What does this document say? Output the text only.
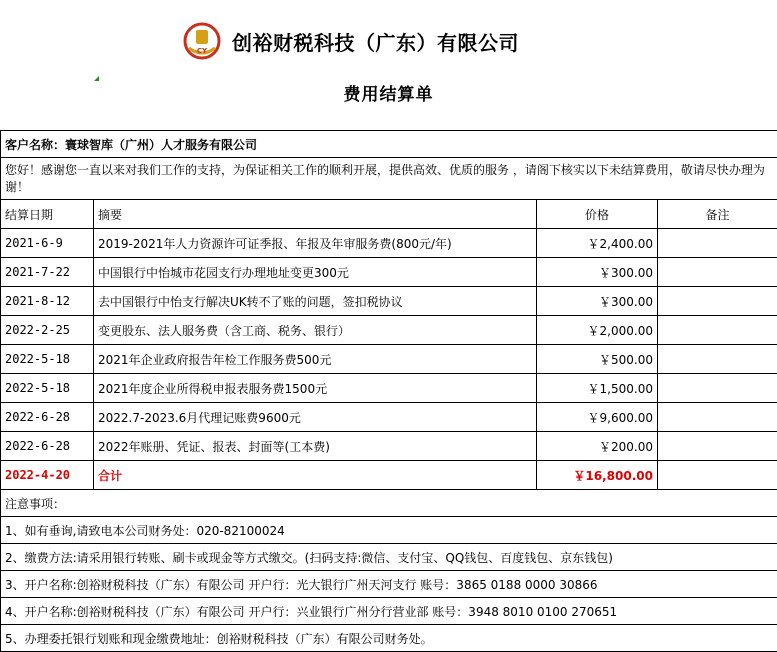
CY 创裕财税科技（广东）有限公司
费用结算单
客户名称：寰球智库（广州）人才服务有限公司			
您好！感谢您一直以来对我们工作的支持，为保证相关工作的顺利开展，提供高效、优质的服务 ，请阁下核实以下未结算费用，敬请尽快办理为谢！			
结算日期	摘要	价格	备注
2021-6-9	2019-2021年人力资源许可证季报、年报及年审服务费(800元/年)	￥2,400.00	
2021-7-22	中国银行中怡城市花园支行办理地址变更300元	￥300.00	
2021-8-12	去中国银行中怡支行解决UK转不了账的问题，签扣税协议	￥300.00	
2022-2-25	变更股东、法人服务费（含工商、税务、银行）	￥2,000.00	
2022-5-18	2021年企业政府报告年检工作服务费500元	￥500.00	
2022-5-18	2021年度企业所得税申报表服务费1500元	￥1,500.00	
2022-6-28	2022.7-2023.6月代理记账费9600元	￥9,600.00	
2022-6-28	2022年账册、凭证、报表、封面等(工本费)	￥200.00	
2022-4-20	合计	￥16,800.00	
注意事项：			
1、如有垂询,请致电本公司财务处：020-82100024			
2、缴费方法:请采用银行转账、刷卡或现金等方式缴交。(扫码支持:微信、支付宝、QQ钱包、百度钱包、京东钱包)			
3、开户名称:创裕财税科技（广东）有限公司 开户行：光大银行广州天河支行 账号：3865 0188 0000 30866			
4、开户名称:创裕财税科技（广东）有限公司 开户行：兴业银行广州分行营业部 账号：3948 8010 0100 270651			
5、办理委托银行划账和现金缴费地址：创裕财税科技（广东）有限公司财务处。			
